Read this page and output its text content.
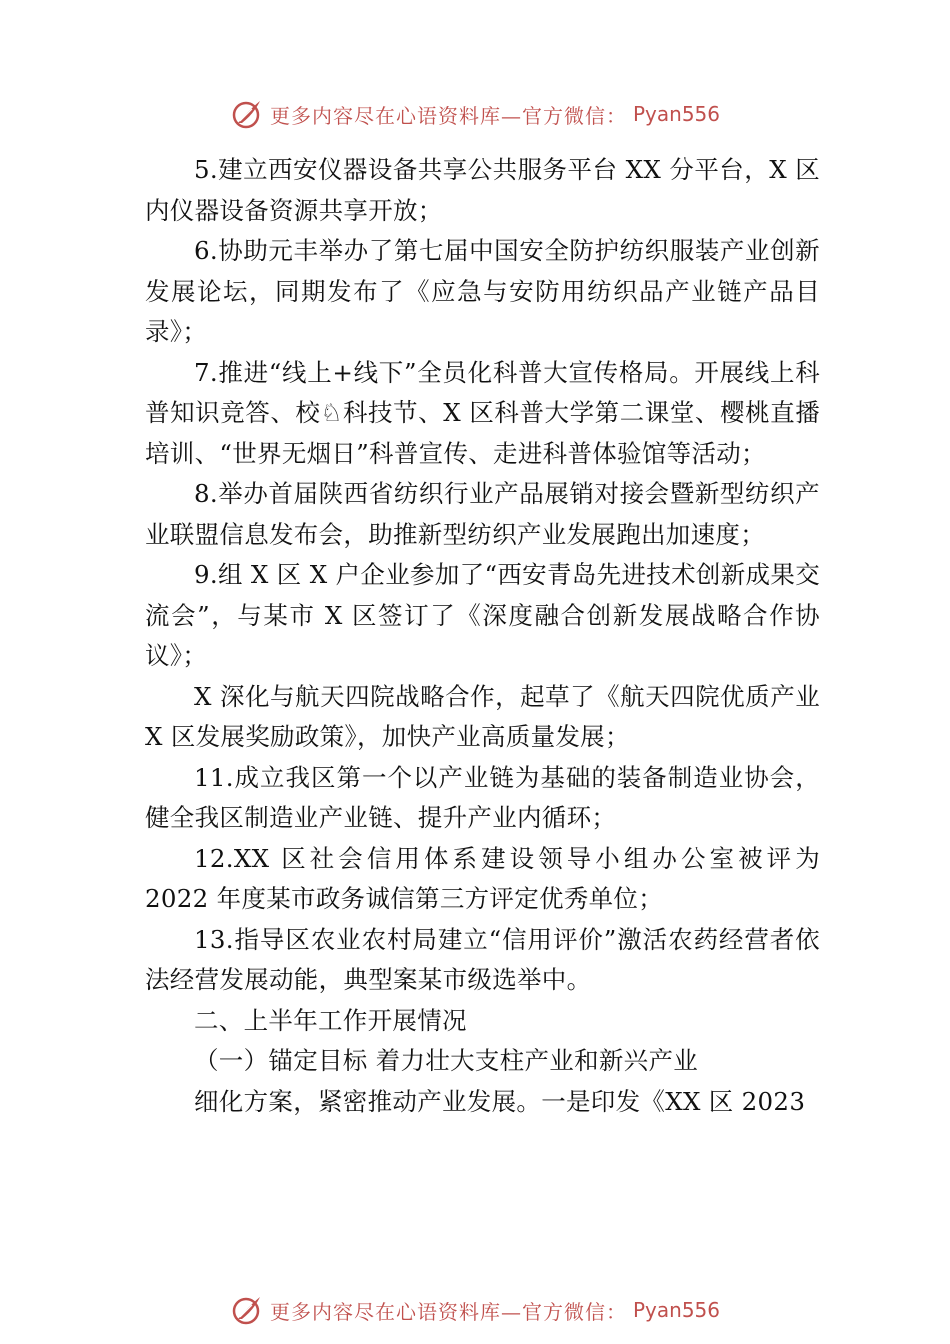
更多内容尽在心语资料库—官方微信： Pyan556

5.建立西安仪器设备共享公共服务平台 XX 分平台，X 区内仪器设备资源共享开放；

6.协助元丰举办了第七届中国安全防护纺织服装产业创新发展论坛，同期发布了《应急与安防用纺织品产业链产品目录》；

7.推进“线上+线下”全员化科普大宣传格局。开展线上科普知识竞答、校♘科技节、X 区科普大学第二课堂、樱桃直播培训、“世界无烟日”科普宣传、走进科普体验馆等活动；

8.举办首届陕西省纺织行业产品展销对接会暨新型纺织产业联盟信息发布会，助推新型纺织产业发展跑出加速度；

9.组 X 区 X 户企业参加了“西安青岛先进技术创新成果交流会”，与某市 X 区签订了《深度融合创新发展战略合作协议》；

X 深化与航天四院战略合作，起草了《航天四院优质产业 X 区发展奖励政策》，加快产业高质量发展；

11.成立我区第一个以产业链为基础的装备制造业协会，健全我区制造业产业链、提升产业内循环；

12.XX 区社会信用体系建设领导小组办公室被评为 2022 年度某市政务诚信第三方评定优秀单位；

13.指导区农业农村局建立“信用评价”激活农药经营者依法经营发展动能，典型案某市级选举中。

二、上半年工作开展情况

（一）锚定目标 着力壮大支柱产业和新兴产业

细化方案，紧密推动产业发展。一是印发《XX 区 2023

更多内容尽在心语资料库—官方微信： Pyan556
